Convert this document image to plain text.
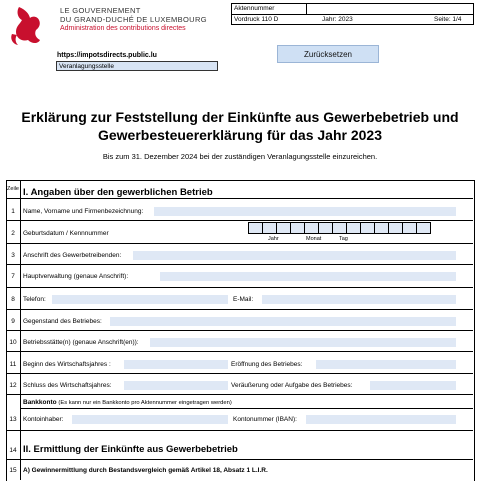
LE GOUVERNEMENT
DU GRAND-DUCHÉ DE LUXEMBOURG
Administration des contributions directes
Aktennummer
Vordruck 110 D	Jahr: 2023	Seite: 1/4
https://impotsdirects.public.lu
Veranlagungsstelle
Zurücksetzen
Erklärung zur Feststellung der Einkünfte aus Gewerbebetrieb und
Gewerbesteuererklärung für das Jahr 2023
Bis zum 31. Dezember 2024 bei der zuständigen Veranlagungsstelle einzureichen.
Zeile I. Angaben über den gewerblichen Betrieb
1	Name, Vorname und Firmenbezeichnung:
2	Geburtsdatum / Kennnummer
Jahr	Monat	Tag
3	Anschrift des Gewerbetreibenden:
7	Hauptverwaltung (genaue Anschrift):
8	Telefon:	E-Mail:
9	Gegenstand des Betriebes:
10 Betriebsstätte(n) (genaue Anschrift(en)):
11	Beginn des Wirtschaftsjahres :	Eröffnung des Betriebes:
12 Schluss des Wirtschaftsjahres:	Veräußerung oder Aufgabe des Betriebes:
Bankkonto (Es kann nur ein Bankkonto pro Aktennummer eingetragen werden)
13 Kontoinhaber:	Kontonummer (IBAN):
14 II. Ermittlung der Einkünfte aus Gewerbebetrieb
15 A) Gewinnermittlung durch Bestandsvergleich gemäß Artikel 18, Absatz 1 L.I.R.
